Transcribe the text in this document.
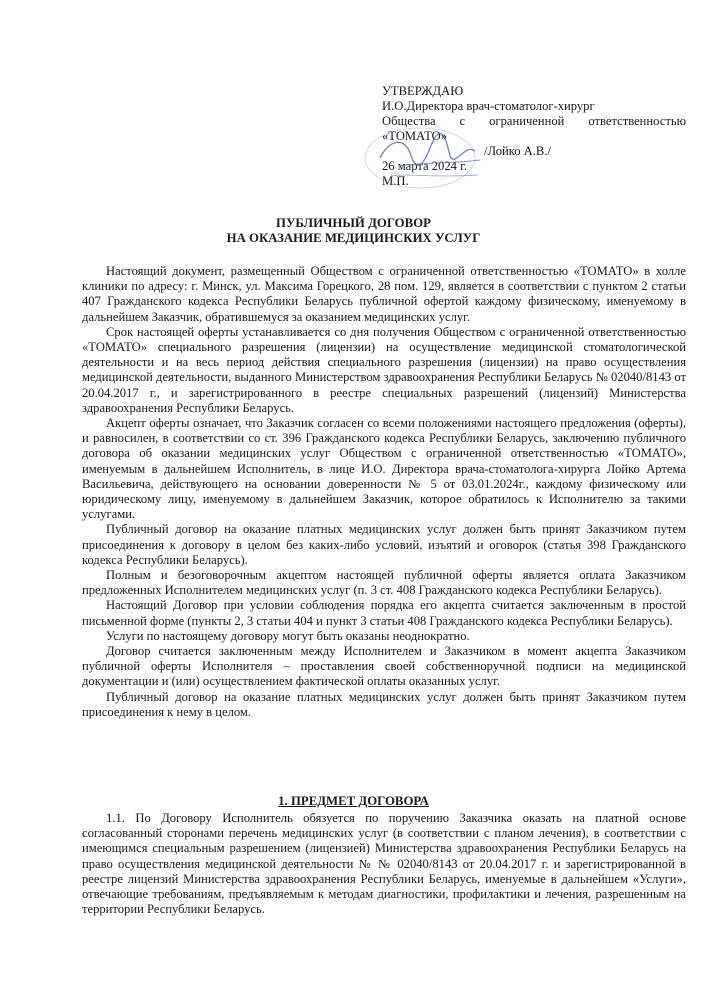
УТВЕРЖДАЮ
И.О.Директора врач-стоматолог-хирург
Общества с ограниченной ответственностью
«ТОМАТО»
/Лойко А.В./
26 марта 2024 г.
М.П.
ПУБЛИЧНЫЙ ДОГОВОР
НА ОКАЗАНИЕ МЕДИЦИНСКИХ УСЛУГ

Настоящий документ, размещенный Обществом с ограниченной ответственностью «ТОМАТО» в холле клиники по адресу: г. Минск, ул. Максима Горецкого, 28 пом. 129, является в соответствии с пунктом 2 статьи 407 Гражданского кодекса Республики Беларусь публичной офертой каждому физическому, именуемому в дальнейшем Заказчик, обратившемуся за оказанием медицинских услуг.

Срок настоящей оферты устанавливается со дня получения Обществом с ограниченной ответственностью «ТОМАТО» специального разрешения (лицензии) на осуществление медицинской стоматологической деятельности и на весь период действия специального разрешения (лицензии) на право осуществления медицинской деятельности, выданного Министерством здравоохранения Республики Беларусь № 02040/8143 от 20.04.2017 г., и зарегистрированного в реестре специальных разрешений (лицензий) Министерства здравоохранения Республики Беларусь.

Акцепт оферты означает, что Заказчик согласен со всеми положениями настоящего предложения (оферты), и равносилен, в соответствии со ст. 396 Гражданского кодекса Республики Беларусь, заключению публичного договора об оказании медицинских услуг Обществом с ограниченной ответственностью «ТОМАТО», именуемым в дальнейшем Исполнитель, в лице И.О. Директора врача-стоматолога-хирурга Лойко Артема Васильевича, действующего на основании доверенности № 5 от 03.01.2024г., каждому физическому или юридическому лицу, именуемому в дальнейшем Заказчик, которое обратилось к Исполнителю за такими услугами.

Публичный договор на оказание платных медицинских услуг должен быть принят Заказчиком путем присоединения к договору в целом без каких-либо условий, изъятий и оговорок (статья 398 Гражданского кодекса Республики Беларусь).

Полным и безоговорочным акцептом настоящей публичной оферты является оплата Заказчиком предложенных Исполнителем медицинских услуг (п. 3 ст. 408 Гражданского кодекса Республики Беларусь).

Настоящий Договор при условии соблюдения порядка его акцепта считается заключенным в простой письменной форме (пункты 2, 3 статьи 404 и пункт 3 статьи 408 Гражданского кодекса Республики Беларусь).

Услуги по настоящему договору могут быть оказаны неоднократно.

Договор считается заключенным между Исполнителем и Заказчиком в момент акцепта Заказчиком публичной оферты Исполнителя – проставления своей собственноручной подписи на медицинской документации и (или) осуществлением фактической оплаты оказанных услуг.

Публичный договор на оказание платных медицинских услуг должен быть принят Заказчиком путем присоединения к нему в целом.

1. ПРЕДМЕТ ДОГОВОРА

1.1. По Договору Исполнитель обязуется по поручению Заказчика оказать на платной основе согласованный сторонами перечень медицинских услуг (в соответствии с планом лечения), в соответствии с имеющимся специальным разрешением (лицензией) Министерства здравоохранения Республики Беларусь на право осуществления медицинской деятельности № № 02040/8143 от 20.04.2017 г. и зарегистрированной в реестре лицензий Министерства здравоохранения Республики Беларусь, именуемые в дальнейшем «Услуги», отвечающие требованиям, предъявляемым к методам диагностики, профилактики и лечения, разрешенным на территории Республики Беларусь.
